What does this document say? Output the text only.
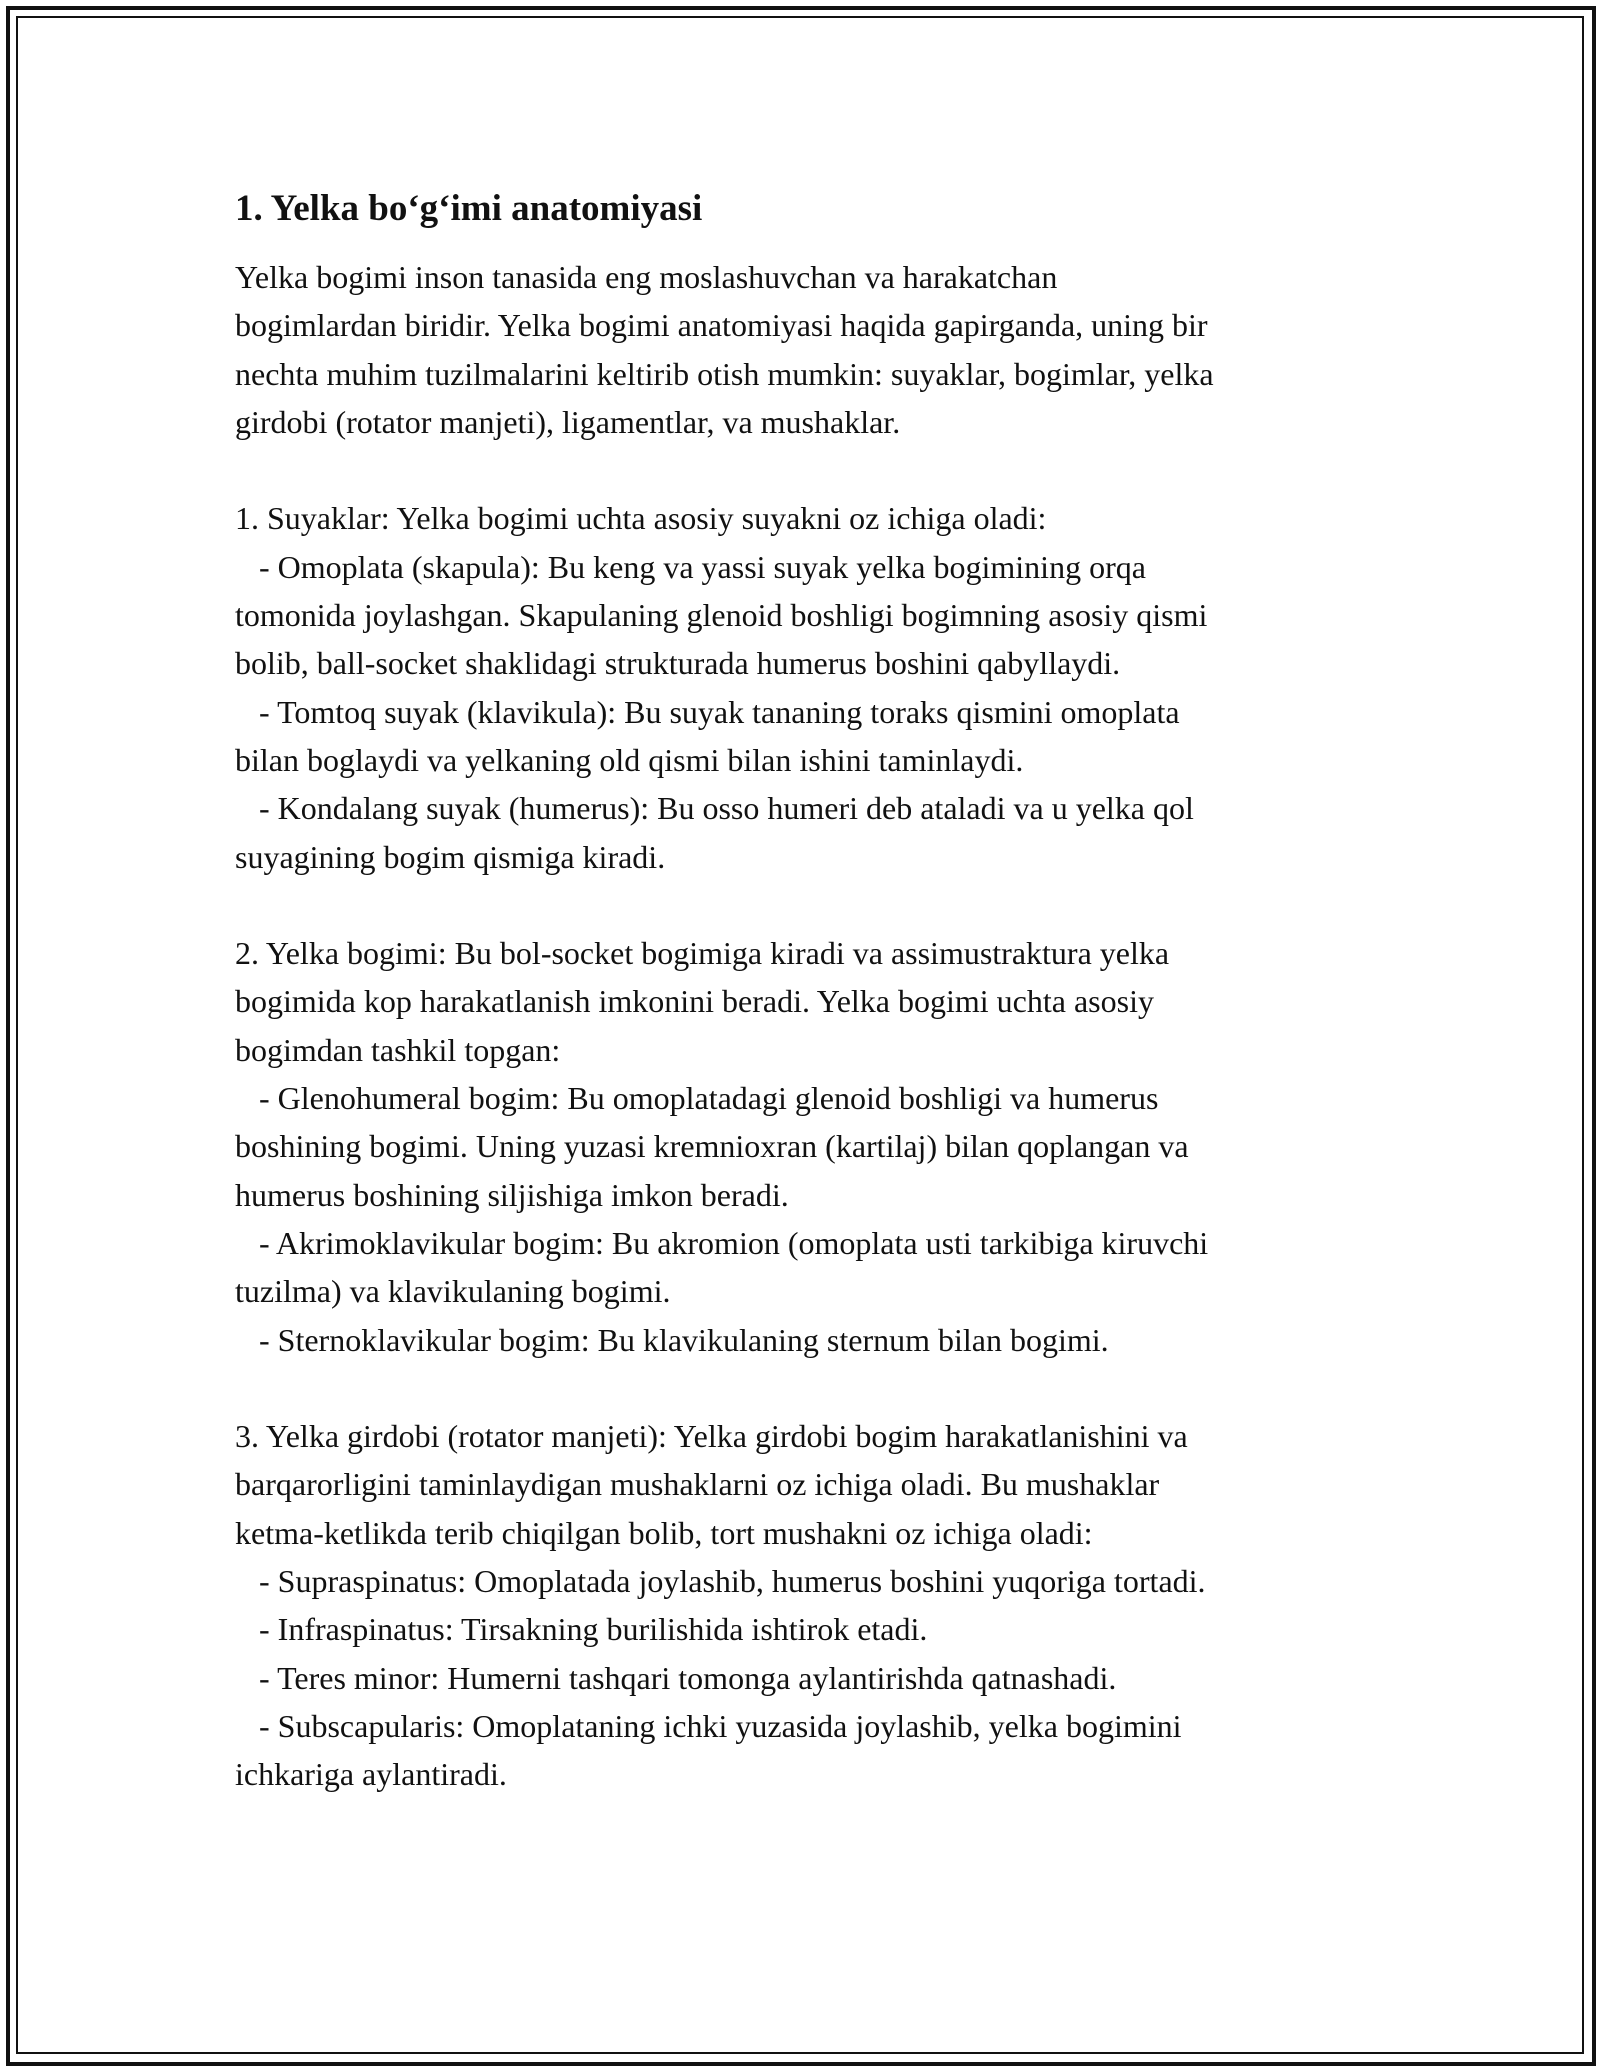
1. Yelka bo‘g‘imi anatomiyasi
Yelka bogimi inson tanasida eng moslashuvchan va harakatchan
bogimlardan biridir. Yelka bogimi anatomiyasi haqida gapirganda, uning bir
nechta muhim tuzilmalarini keltirib otish mumkin: suyaklar, bogimlar, yelka
girdobi (rotator manjeti), ligamentlar, va mushaklar.
1. Suyaklar: Yelka bogimi uchta asosiy suyakni oz ichiga oladi:
- Omoplata (skapula): Bu keng va yassi suyak yelka bogimining orqa
tomonida joylashgan. Skapulaning glenoid boshligi bogimning asosiy qismi
bolib, ball-socket shaklidagi strukturada humerus boshini qabyllaydi.
- Tomtoq suyak (klavikula): Bu suyak tananing toraks qismini omoplata
bilan boglaydi va yelkaning old qismi bilan ishini taminlaydi.
- Kondalang suyak (humerus): Bu osso humeri deb ataladi va u yelka qol
suyagining bogim qismiga kiradi.
2. Yelka bogimi: Bu bol-socket bogimiga kiradi va assimustraktura yelka
bogimida kop harakatlanish imkonini beradi. Yelka bogimi uchta asosiy
bogimdan tashkil topgan:
- Glenohumeral bogim: Bu omoplatadagi glenoid boshligi va humerus
boshining bogimi. Uning yuzasi kremnioxran (kartilaj) bilan qoplangan va
humerus boshining siljishiga imkon beradi.
- Akrimoklavikular bogim: Bu akromion (omoplata usti tarkibiga kiruvchi
tuzilma) va klavikulaning bogimi.
- Sternoklavikular bogim: Bu klavikulaning sternum bilan bogimi.
3. Yelka girdobi (rotator manjeti): Yelka girdobi bogim harakatlanishini va
barqarorligini taminlaydigan mushaklarni oz ichiga oladi. Bu mushaklar
ketma-ketlikda terib chiqilgan bolib, tort mushakni oz ichiga oladi:
- Supraspinatus: Omoplatada joylashib, humerus boshini yuqoriga tortadi.
- Infraspinatus: Tirsakning burilishida ishtirok etadi.
- Teres minor: Humerni tashqari tomonga aylantirishda qatnashadi.
- Subscapularis: Omoplataning ichki yuzasida joylashib, yelka bogimini
ichkariga aylantiradi.
